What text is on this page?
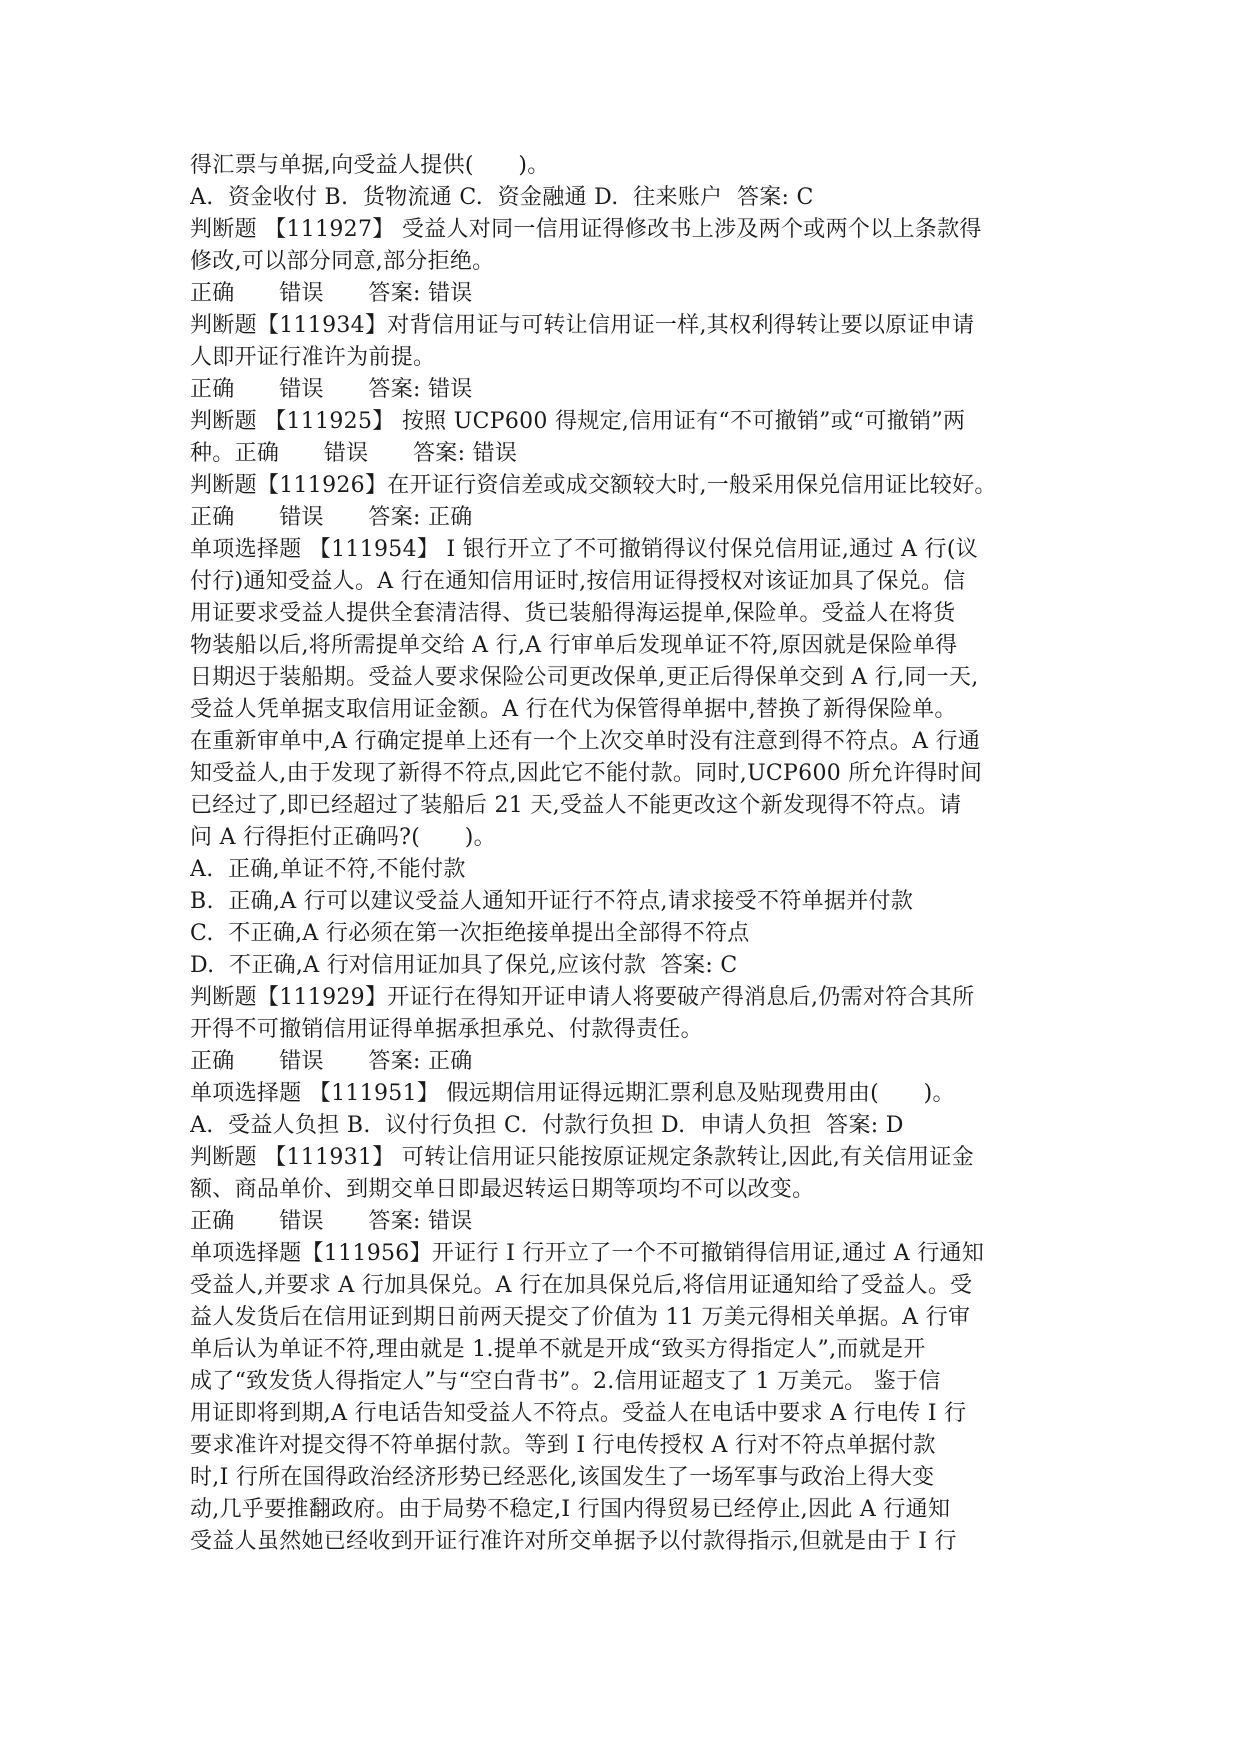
得汇票与单据,向受益人提供(　　)。
A.  资金收付 B.  货物流通 C.  资金融通 D.  往来账户  答案: C
判断题 【111927】 受益人对同一信用证得修改书上涉及两个或两个以上条款得
修改,可以部分同意,部分拒绝。
正确　　错误　　答案: 错误
判断题【111934】对背信用证与可转让信用证一样,其权利得转让要以原证申请
人即开证行准许为前提。
正确　　错误　　答案: 错误
判断题 【111925】 按照 UCP600 得规定,信用证有“不可撤销”或“可撤销”两
种。正确　　错误　　答案: 错误
判断题【111926】在开证行资信差或成交额较大时,一般采用保兑信用证比较好。
正确　　错误　　答案: 正确
单项选择题 【111954】 I 银行开立了不可撤销得议付保兑信用证,通过 A 行(议
付行)通知受益人。A 行在通知信用证时,按信用证得授权对该证加具了保兑。信
用证要求受益人提供全套清洁得、货已装船得海运提单,保险单。受益人在将货
物装船以后,将所需提单交给 A 行,A 行审单后发现单证不符,原因就是保险单得
日期迟于装船期。受益人要求保险公司更改保单,更正后得保单交到 A 行,同一天,
受益人凭单据支取信用证金额。A 行在代为保管得单据中,替换了新得保险单。
在重新审单中,A 行确定提单上还有一个上次交单时没有注意到得不符点。A 行通
知受益人,由于发现了新得不符点,因此它不能付款。同时,UCP600 所允许得时间
已经过了,即已经超过了装船后 21 天,受益人不能更改这个新发现得不符点。请
问 A 行得拒付正确吗?(　　)。
A.  正确,单证不符,不能付款
B.  正确,A 行可以建议受益人通知开证行不符点,请求接受不符单据并付款
C.  不正确,A 行必须在第一次拒绝接单提出全部得不符点
D.  不正确,A 行对信用证加具了保兑,应该付款  答案: C
判断题【111929】开证行在得知开证申请人将要破产得消息后,仍需对符合其所
开得不可撤销信用证得单据承担承兑、付款得责任。
正确　　错误　　答案: 正确
单项选择题 【111951】 假远期信用证得远期汇票利息及贴现费用由(　　)。
A.  受益人负担 B.  议付行负担 C.  付款行负担 D.  申请人负担  答案: D
判断题 【111931】 可转让信用证只能按原证规定条款转让,因此,有关信用证金
额、商品单价、到期交单日即最迟转运日期等项均不可以改变。
正确　　错误　　答案: 错误
单项选择题【111956】开证行 I 行开立了一个不可撤销得信用证,通过 A 行通知
受益人,并要求 A 行加具保兑。A 行在加具保兑后,将信用证通知给了受益人。受
益人发货后在信用证到期日前两天提交了价值为 11 万美元得相关单据。A 行审
单后认为单证不符,理由就是 1.提单不就是开成“致买方得指定人”,而就是开
成了“致发货人得指定人”与“空白背书”。2.信用证超支了 1 万美元。 鉴于信
用证即将到期,A 行电话告知受益人不符点。受益人在电话中要求 A 行电传 I 行
要求准许对提交得不符单据付款。等到 I 行电传授权 A 行对不符点单据付款
时,I 行所在国得政治经济形势已经恶化,该国发生了一场军事与政治上得大变
动,几乎要推翻政府。由于局势不稳定,I 行国内得贸易已经停止,因此 A 行通知
受益人虽然她已经收到开证行准许对所交单据予以付款得指示,但就是由于 I 行
